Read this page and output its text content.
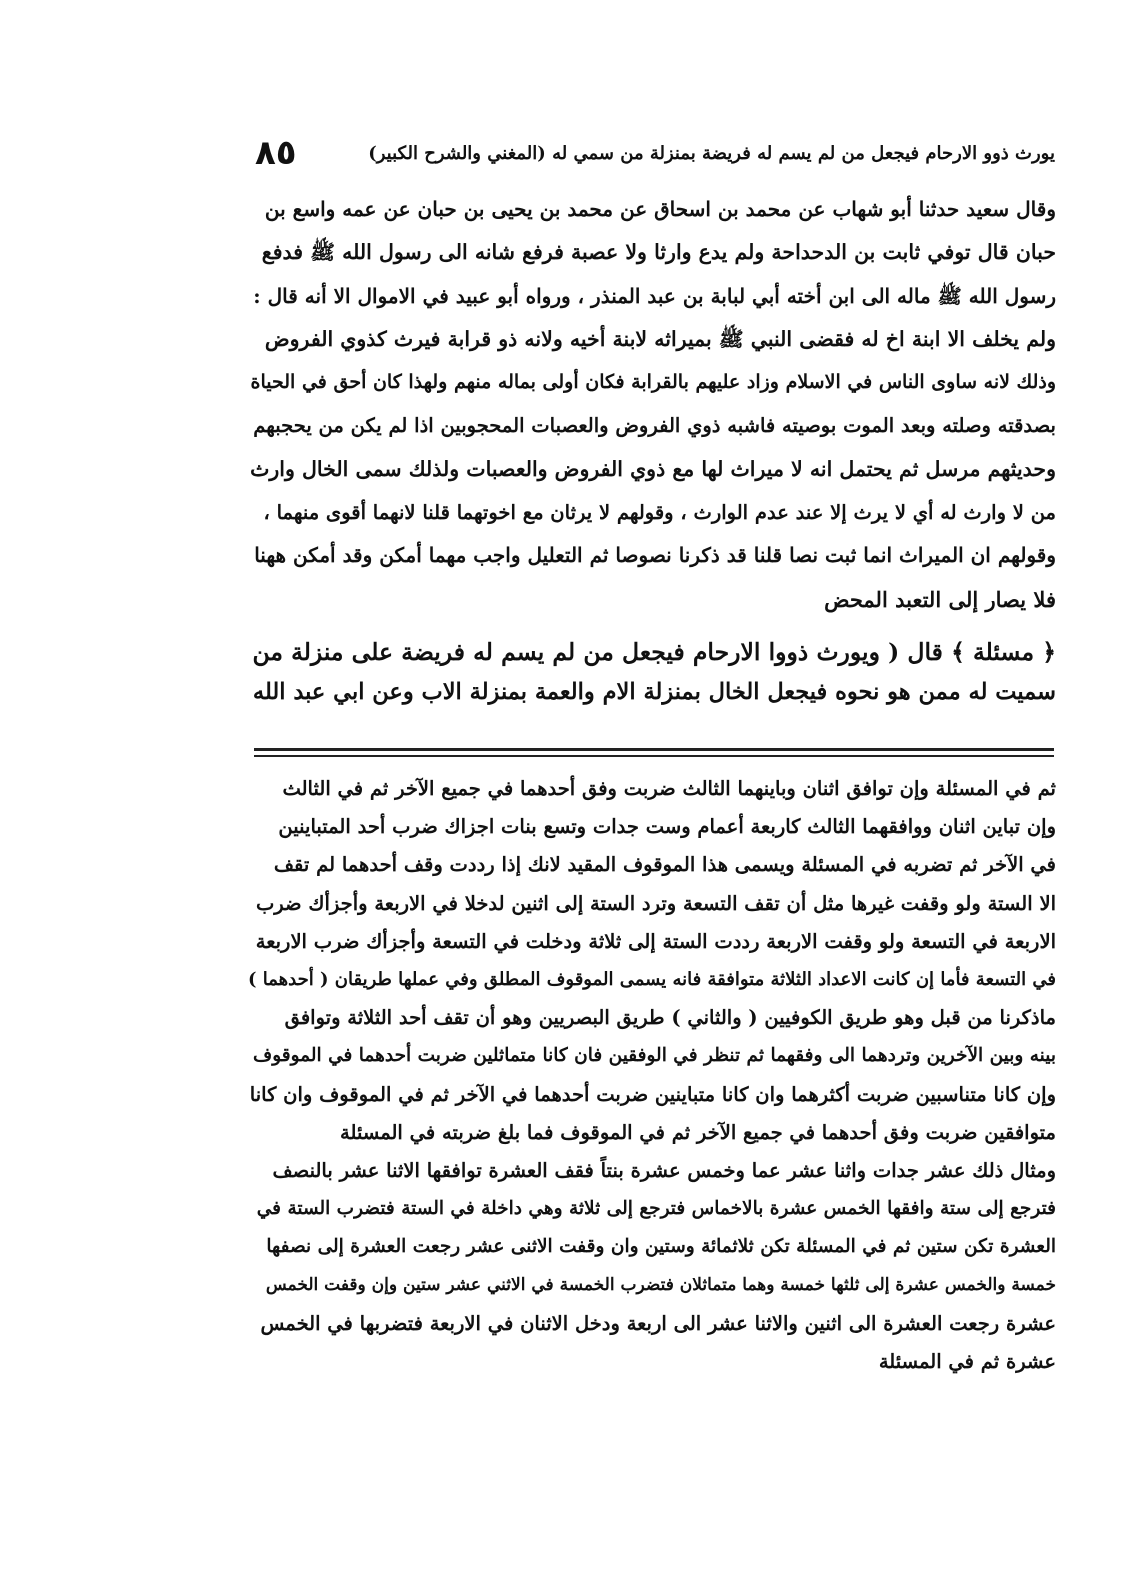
٨٥	(المغني والشرح الكبير) يورث ذوو الارحام فيجعل من لم يسم له فريضة بمنزلة من سمي له
وقال سعيد حدثنا أبو شهاب عن محمد بن اسحاق عن محمد بن يحيى بن حبان عن عمه واسع بن
حبان قال توفي ثابت بن الدحداحة ولم يدع وارثا ولا عصبة فرفع شانه الى رسول الله ﷺ فدفع
رسول الله ﷺ ماله الى ابن أخته أبي لبابة بن عبد المنذر ، ورواه أبو عبيد في الاموال الا أنه قال :
ولم يخلف الا ابنة اخ له فقضى النبي ﷺ بميراثه لابنة أخيه ولانه ذو قرابة فيرث كذوي الفروض
وذلك لانه ساوى الناس في الاسلام وزاد عليهم بالقرابة فكان أولى بماله منهم ولهذا كان أحق في الحياة
بصدقته وصلته وبعد الموت بوصيته فاشبه ذوي الفروض والعصبات المحجوبين اذا لم يكن من يحجبهم
وحديثهم مرسل ثم يحتمل انه لا ميراث لها مع ذوي الفروض والعصبات ولذلك سمى الخال وارث
من لا وارث له أي لا يرث إلا عند عدم الوارث ، وقولهم لا يرثان مع اخوتهما قلنا لانهما أقوى منهما ،
وقولهم ان الميراث انما ثبت نصا قلنا قد ذكرنا نصوصا ثم التعليل واجب مهما أمكن وقد أمكن ههنا
فلا يصار إلى التعبد المحض
﴿ مسئلة ﴾ قال ( ويورث ذووا الارحام فيجعل من لم يسم له فريضة على منزلة من
سميت له ممن هو نحوه فيجعل الخال بمنزلة الام والعمة بمنزلة الاب وعن ابي عبد الله
ثم في المسئلة وإن توافق اثنان وباينهما الثالث ضربت وفق أحدهما في جميع الآخر ثم في الثالث
وإن تباين اثنان ووافقهما الثالث كاربعة أعمام وست جدات وتسع بنات اجزاك ضرب أحد المتباينين
في الآخر ثم تضربه في المسئلة ويسمى هذا الموقوف المقيد لانك إذا رددت وقف أحدهما لم تقف
الا الستة ولو وقفت غيرها مثل أن تقف التسعة وترد الستة إلى اثنين لدخلا في الاربعة وأجزأك ضرب
الاربعة في التسعة ولو وقفت الاربعة رددت الستة إلى ثلاثة ودخلت في التسعة وأجزأك ضرب الاربعة
في التسعة فأما إن كانت الاعداد الثلاثة متوافقة فانه يسمى الموقوف المطلق وفي عملها طريقان ( أحدهما )
ماذكرنا من قبل وهو طريق الكوفيين ( والثاني ) طريق البصريين وهو أن تقف أحد الثلاثة وتوافق
بينه وبين الآخرين وتردهما الى وفقهما ثم تنظر في الوفقين فان كانا متماثلين ضربت أحدهما في الموقوف
وإن كانا متناسبين ضربت أكثرهما وان كانا متباينين ضربت أحدهما في الآخر ثم في الموقوف وان كانا
متوافقين ضربت وفق أحدهما في جميع الآخر ثم في الموقوف فما بلغ ضربته في المسئلة
ومثال ذلك عشر جدات واثنا عشر عما وخمس عشرة بنتاً فقف العشرة توافقها الاثنا عشر بالنصف
فترجع إلى ستة وافقها الخمس عشرة بالاخماس فترجع إلى ثلاثة وهي داخلة في الستة فتضرب الستة في
العشرة تكن ستين ثم في المسئلة تكن ثلاثمائة وستين وان وقفت الاثنى عشر رجعت العشرة إلى نصفها
خمسة والخمس عشرة إلى ثلثها خمسة وهما متماثلان فتضرب الخمسة في الاثني عشر ستين وإن وقفت الخمس
عشرة رجعت العشرة الى اثنين والاثنا عشر الى اربعة ودخل الاثنان في الاربعة فتضربها في الخمس
عشرة ثم في المسئلة
